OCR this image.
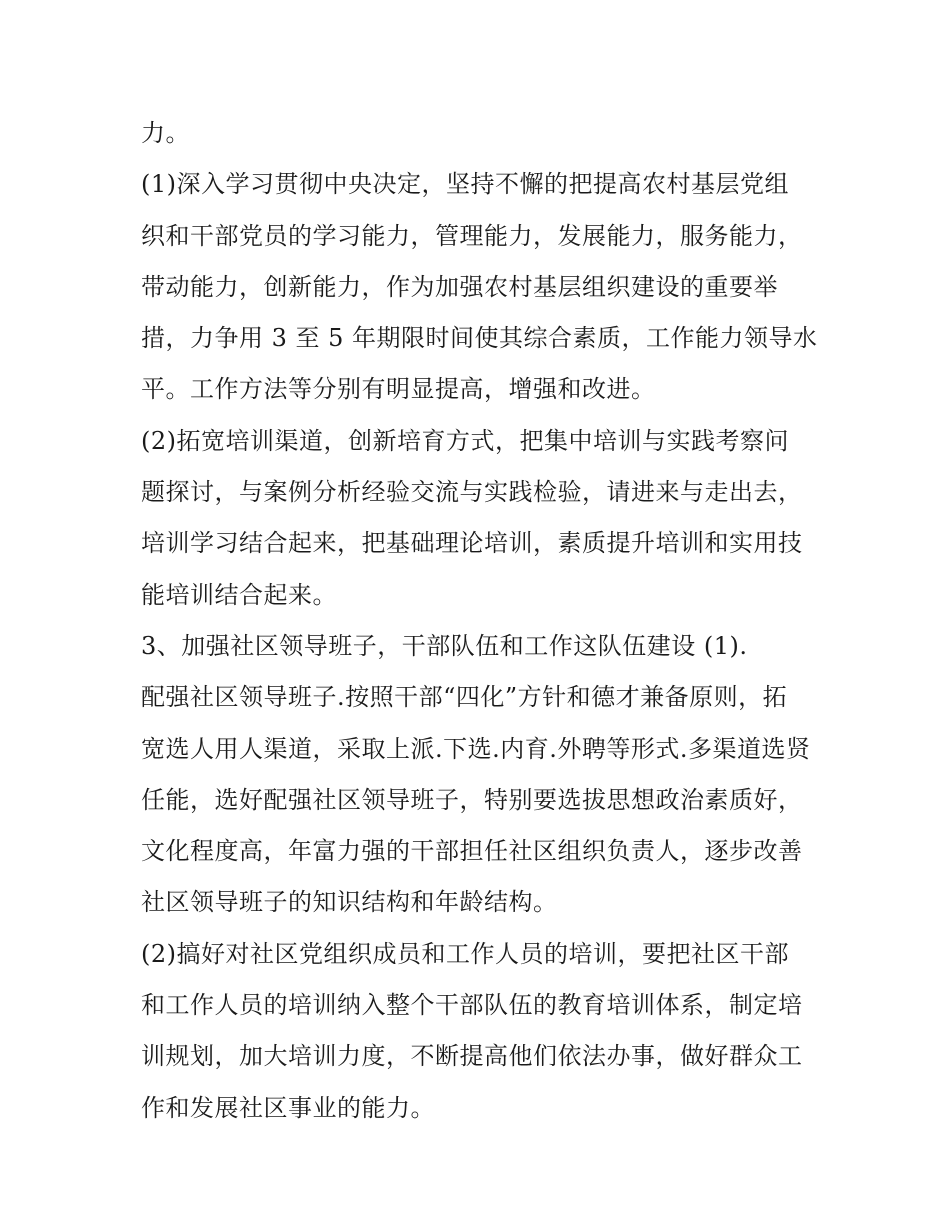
力。
(1)深入学习贯彻中央决定，坚持不懈的把提高农村基层党组
织和干部党员的学习能力，管理能力，发展能力，服务能力，
带动能力，创新能力，作为加强农村基层组织建设的重要举
措，力争用 3 至 5 年期限时间使其综合素质，工作能力领导水
平。工作方法等分别有明显提高，增强和改进。
(2)拓宽培训渠道，创新培育方式，把集中培训与实践考察问
题探讨，与案例分析经验交流与实践检验，请进来与走出去，
培训学习结合起来，把基础理论培训，素质提升培训和实用技
能培训结合起来。
3、加强社区领导班子，干部队伍和工作这队伍建设 (1).
配强社区领导班子.按照干部“四化”方针和德才兼备原则，拓
宽选人用人渠道，采取上派.下选.内育.外聘等形式.多渠道选贤
任能，选好配强社区领导班子，特别要选拔思想政治素质好，
文化程度高，年富力强的干部担任社区组织负责人，逐步改善
社区领导班子的知识结构和年龄结构。
(2)搞好对社区党组织成员和工作人员的培训，要把社区干部
和工作人员的培训纳入整个干部队伍的教育培训体系，制定培
训规划，加大培训力度，不断提高他们依法办事，做好群众工
作和发展社区事业的能力。
